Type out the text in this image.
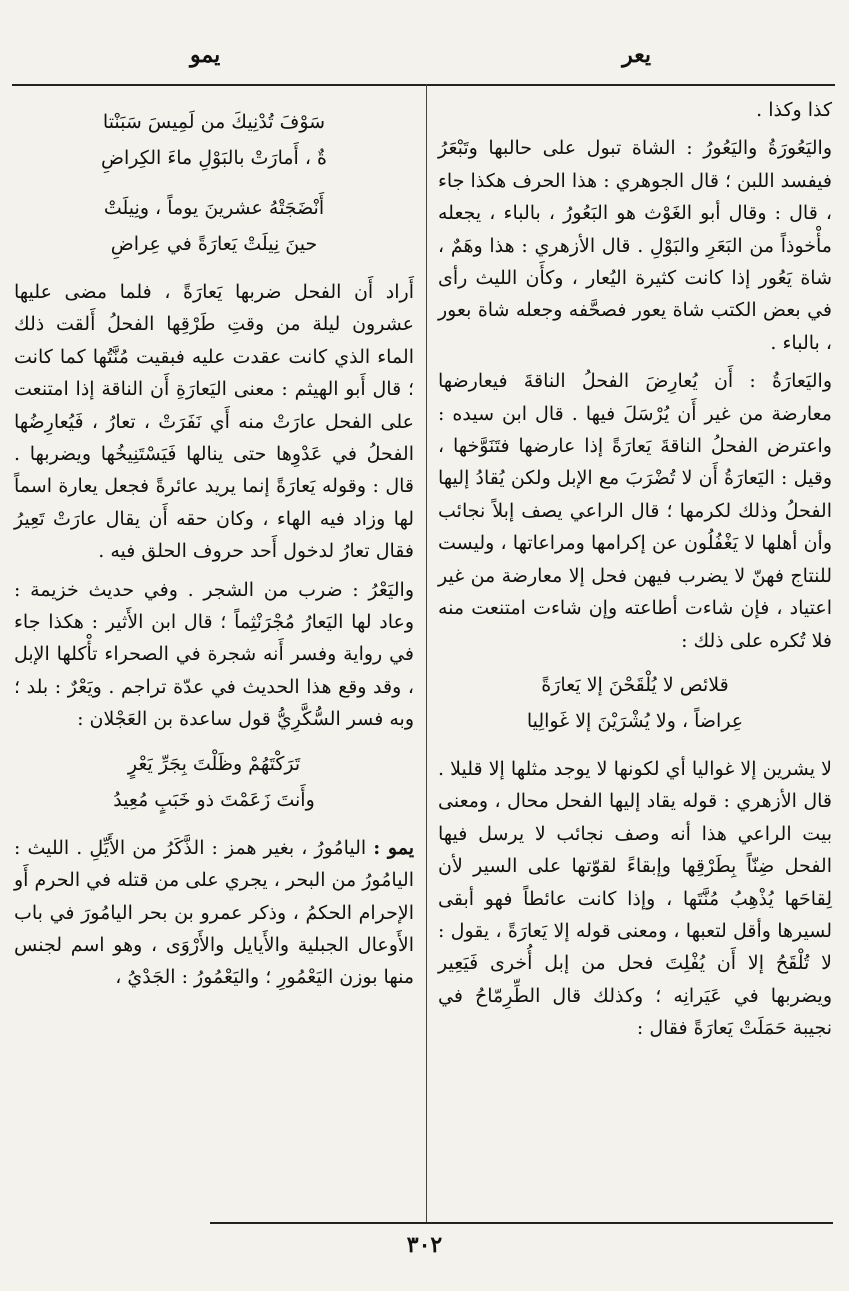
يعر
يمو

كذا وكذا .

واليَعُورَةُ واليَعُورُ : الشاة تبول على حالبها وتَبْعَرُ فيفسد اللبن ؛ قال الجوهري : هذا الحرف هكذا جاء ، قال : وقال أبو الغَوْث هو البَعُورُ ، بالباء ، يجعله مأْخوذاً من البَعَرِ والبَوْلِ . قال الأزهري : هذا وهَمٌ ، شاة يَعُور إذا كانت كثيرة اليُعار ، وكأَن الليث رأى في بعض الكتب شاة يعور فصحَّفه وجعله شاة بعور ، بالباء .

واليَعارَةُ : أَن يُعارِضَ الفحلُ الناقةَ فيعارضها معارضة من غير أَن يُرْسَلَ فيها . قال ابن سيده : واعترض الفحلُ الناقةَ يَعارَةً إذا عارضها فتَنَوَّخها ، وقيل : اليَعارَةُ أَن لا تُضْرَبَ مع الإبل ولكن يُقادُ إليها الفحلُ وذلك لكرمها ؛ قال الراعي يصف إبلاً نجائب وأن أهلها لا يَغْفُلُون عن إكرامها ومراعاتها ، وليست للنتاج فهنّ لا يضرب فيهن فحل إلا معارضة من غير اعتياد ، فإن شاءت أطاعته وإن شاءت امتنعت منه فلا تُكره على ذلك :

قلائص لا يُلْقَحْنَ إلا يَعارَةً
عِراضاً ، ولا يُشْرَيْنَ إلا غَوالِيا

لا يشرين إلا غواليا أي لكونها لا يوجد مثلها إلا قليلا . قال الأزهري : قوله يقاد إليها الفحل محال ، ومعنى بيت الراعي هذا أنه وصف نجائب لا يرسل فيها الفحل ضِنّاً بِطَرْقِها وإبقاءً لقوّتها على السير لأن لِقاحَها يُذْهِبُ مُنَّتَها ، وإذا كانت عائطاً فهو أبقى لسيرها وأقل لتعبها ، ومعنى قوله إلا يَعارَةً ، يقول : لا تُلْقَحُ إلا أَن يُفْلِتَ فحل من إبل أُخرى فَيَعِير ويضربها في عَيَرانِه ؛ وكذلك قال الطِّرِمّاحُ في نجيبة حَمَلَتْ يَعارَةً فقال :

سَوْفَ تُدْنِيكَ من لَمِيسَ سَبَنْتا
ةٌ ، أَمارَتْ بالبَوْلِ ماءَ الكِراضِ
أَنْضَجَتْهُ عشرينَ يوماً ، ونِيلَتْ
حينَ نِيلَتْ يَعارَةً في عِراضِ

أَراد أَن الفحل ضربها يَعارَةً ، فلما مضى عليها عشرون ليلة من وقتِ طَرْقِها الفحلُ أَلقت ذلك الماء الذي كانت عقدت عليه فبقيت مُنَّتُها كما كانت ؛ قال أَبو الهيثم : معنى اليَعارَةِ أَن الناقة إذا امتنعت على الفحل عارَتْ منه أَي نَفَرَتْ ، تعارُ ، فَيُعارِضُها الفحلُ في عَدْوِها حتى ينالها فَيَسْتَنِيخُها ويضربها . قال : وقوله يَعارَةً إنما يريد عائرةً فجعل يعارة اسماً لها وزاد فيه الهاء ، وكان حقه أَن يقال عارَتْ تَعِيرُ فقال تعارُ لدخول أَحد حروف الحلق فيه .

واليَعْرُ : ضرب من الشجر . وفي حديث خزيمة : وعاد لها اليَعارُ مُجْرَنْثِماً ؛ قال ابن الأَثير : هكذا جاء في رواية وفسر أَنه شجرة في الصحراء تأْكلها الإبل ، وقد وقع هذا الحديث في عدّة تراجم . ويَعْرٌ : بلد ؛ وبه فسر السُّكَّرِيُّ قول ساعدة بن العَجْلان :

تَرَكْتَهُمْ وظَلْتَ بِجَرِّ يَعْرٍ
وأَنتَ زَعَمْتَ ذو خَبَبٍ مُعِيدُ

يمو : اليامُورُ ، بغير همز : الذَّكَرُ من الأَيِّلِ . الليث : اليامُورُ من البحر ، يجري على من قتله في الحرم أَو الإحرام الحكمُ ، وذكر عمرو بن بحر اليامُورَ في باب الأَوعال الجبلية والأَيايل والأَرْوَى ، وهو اسم لجنس منها بوزن اليَعْمُورِ ؛ واليَعْمُورُ : الجَدْيُ ،

٣٠٢
